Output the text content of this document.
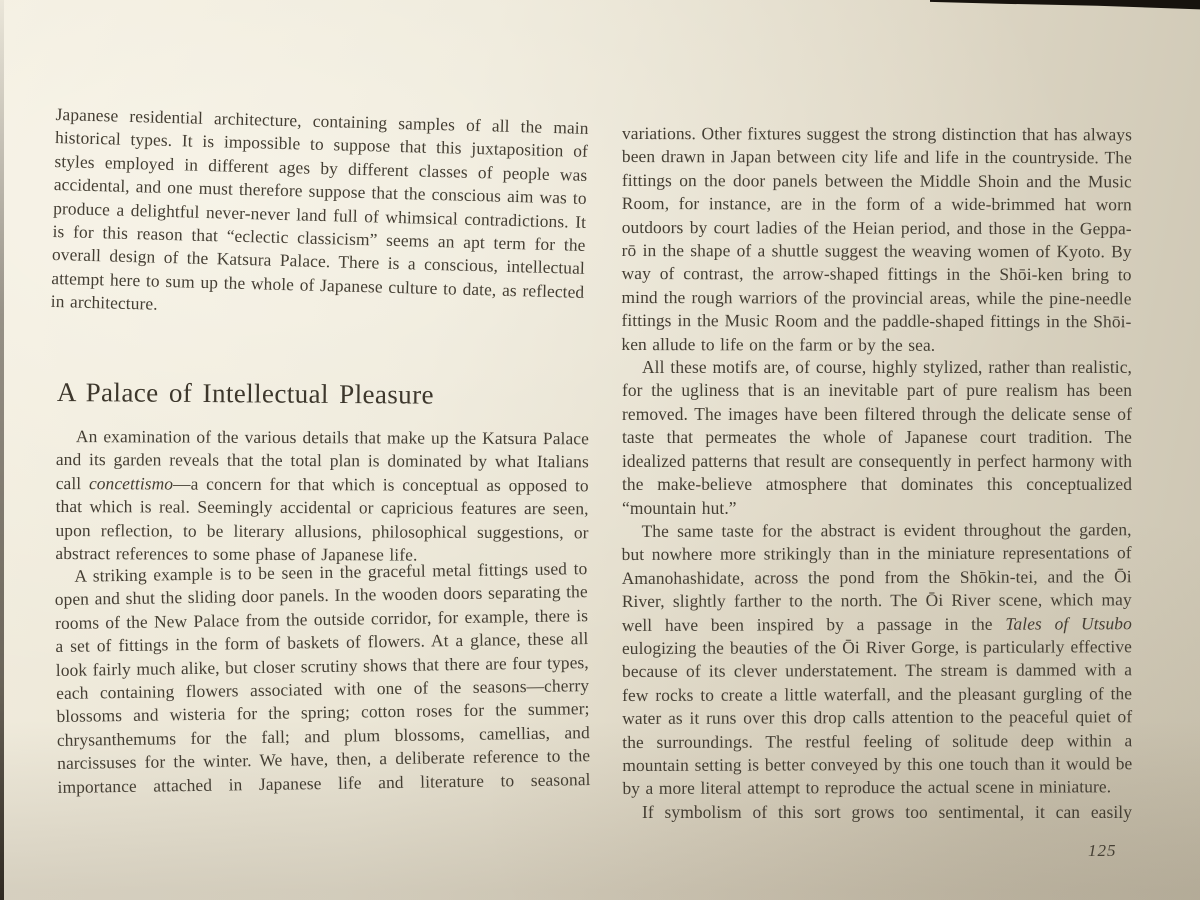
Japanese residential architecture, containing samples of all the main historical types. It is impossible to suppose that this juxtaposition of styles employed in different ages by different classes of people was accidental, and one must therefore suppose that the conscious aim was to produce a delightful never-never land full of whimsical contradictions. It is for this reason that “eclectic classicism” seems an apt term for the overall design of the Katsura Palace. There is a conscious, intellectual attempt here to sum up the whole of Japanese culture to date, as reflected in architecture.

A Palace of Intellectual Pleasure

An examination of the various details that make up the Katsura Palace and its garden reveals that the total plan is dominated by what Italians call concettismo—a concern for that which is conceptual as opposed to that which is real. Seemingly accidental or capricious features are seen, upon reflection, to be literary allusions, philosophical suggestions, or abstract references to some phase of Japanese life.

A striking example is to be seen in the graceful metal fittings used to open and shut the sliding door panels. In the wooden doors separating the rooms of the New Palace from the outside corridor, for example, there is a set of fittings in the form of baskets of flowers. At a glance, these all look fairly much alike, but closer scrutiny shows that there are four types, each containing flowers associated with one of the seasons—cherry blossoms and wisteria for the spring; cotton roses for the summer; chrysanthemums for the fall; and plum blossoms, camellias, and narcissuses for the winter. We have, then, a deliberate reference to the importance attached in Japanese life and literature to seasonal

variations. Other fixtures suggest the strong distinction that has always been drawn in Japan between city life and life in the countryside. The fittings on the door panels between the Middle Shoin and the Music Room, for instance, are in the form of a wide-brimmed hat worn outdoors by court ladies of the Heian period, and those in the Geppa-rō in the shape of a shuttle suggest the weaving women of Kyoto. By way of contrast, the arrow-shaped fittings in the Shōi-ken bring to mind the rough warriors of the provincial areas, while the pine-needle fittings in the Music Room and the paddle-shaped fittings in the Shōi-ken allude to life on the farm or by the sea.

All these motifs are, of course, highly stylized, rather than realistic, for the ugliness that is an inevitable part of pure realism has been removed. The images have been filtered through the delicate sense of taste that permeates the whole of Japanese court tradition. The idealized patterns that result are consequently in perfect harmony with the make-believe atmosphere that dominates this conceptualized “mountain hut.”

The same taste for the abstract is evident throughout the garden, but nowhere more strikingly than in the miniature representations of Amanohashidate, across the pond from the Shōkin-tei, and the Ōi River, slightly farther to the north. The Ōi River scene, which may well have been inspired by a passage in the Tales of Utsubo eulogizing the beauties of the Ōi River Gorge, is particularly effective because of its clever understatement. The stream is dammed with a few rocks to create a little waterfall, and the pleasant gurgling of the water as it runs over this drop calls attention to the peaceful quiet of the surroundings. The restful feeling of solitude deep within a mountain setting is better conveyed by this one touch than it would be by a more literal attempt to reproduce the actual scene in miniature.

If symbolism of this sort grows too sentimental, it can easily

125
